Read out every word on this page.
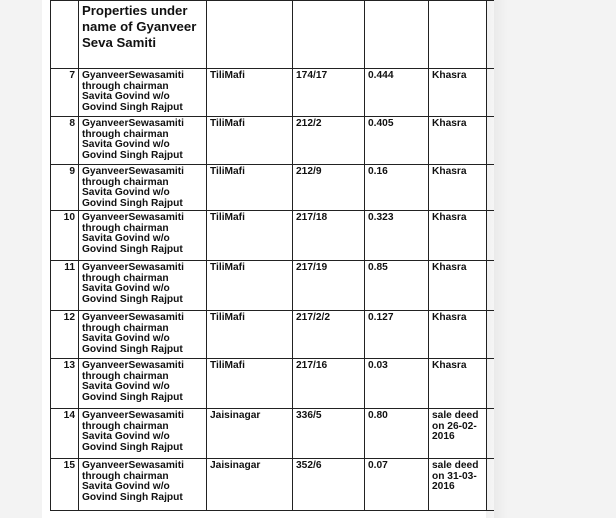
	Properties under name of Gyanveer Seva Samiti					
7	GyanveerSewasamiti
through chairman
Savita Govind w/o
Govind Singh Rajput	TiliMafi	174/17	0.444	Khasra	
8	GyanveerSewasamiti
through chairman
Savita Govind w/o
Govind Singh Rajput	TiliMafi	212/2	0.405	Khasra	
9	GyanveerSewasamiti
through chairman
Savita Govind w/o
Govind Singh Rajput	TiliMafi	212/9	0.16	Khasra	
10	GyanveerSewasamiti
through chairman
Savita Govind w/o
Govind Singh Rajput	TiliMafi	217/18	0.323	Khasra	
11	GyanveerSewasamiti
through chairman
Savita Govind w/o
Govind Singh Rajput	TiliMafi	217/19	0.85	Khasra	
12	GyanveerSewasamiti
through chairman
Savita Govind w/o
Govind Singh Rajput	TiliMafi	217/2/2	0.127	Khasra	
13	GyanveerSewasamiti
through chairman
Savita Govind w/o
Govind Singh Rajput	TiliMafi	217/16	0.03	Khasra	
14	GyanveerSewasamiti
through chairman
Savita Govind w/o
Govind Singh Rajput	Jaisinagar	336/5	0.80	sale deed on 26-02-2016	
15	GyanveerSewasamiti
through chairman
Savita Govind w/o
Govind Singh Rajput	Jaisinagar	352/6	0.07	sale deed on 31-03-2016	
